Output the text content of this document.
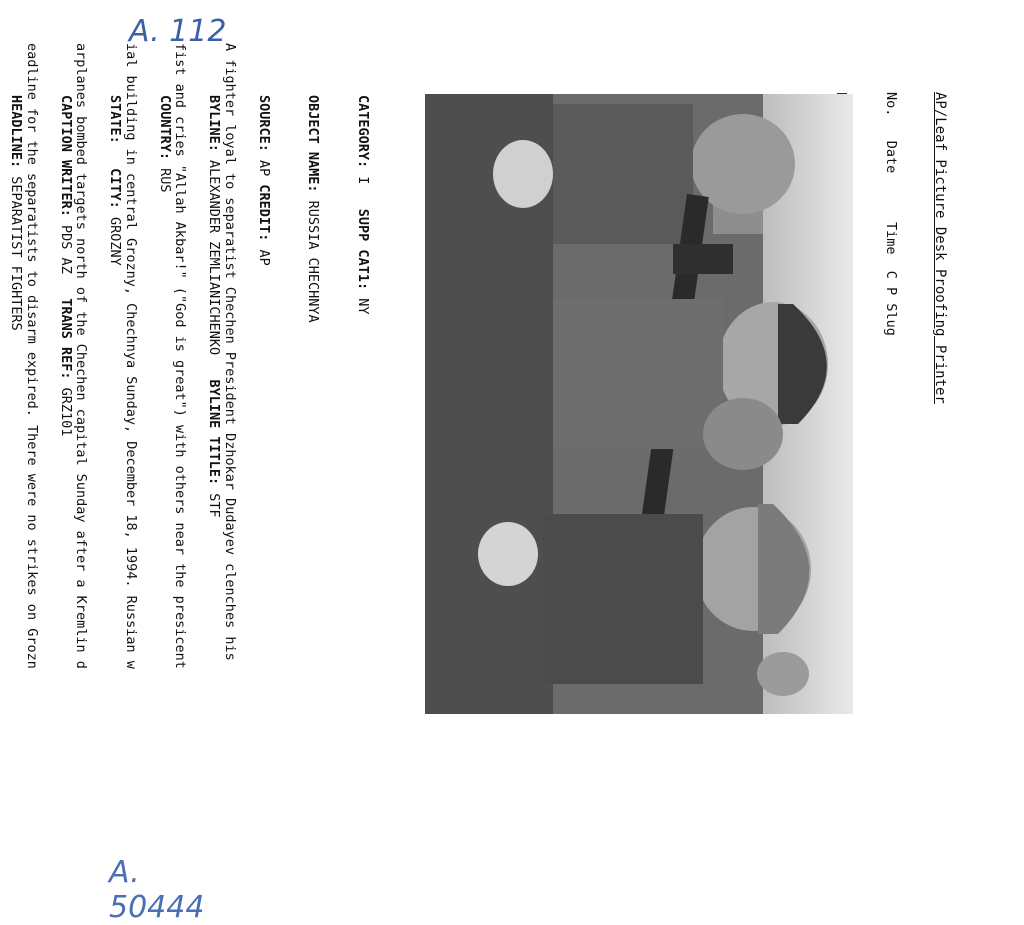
AP/Leaf Picture Desk Proofing Printer

No.   Date      Time  C P Slug

CATEGORY: I   SUPP CAT1: NY

OBJECT NAME: RUSSIA CHECHNYA

SOURCE: AP CREDIT: AP

BYLINE: ALEXANDER ZEMLIANICHENKO   BYLINE TITLE: STF

COUNTRY: RUS

STATE:   CITY: GROZNY

CAPTION WRITER: PDS AZ   TRANS REF: GRZ101

HEADLINE: SEPARATIST FIGHTERS

	A fighter loyal to separatist Chechen President Dzhokar Dudayev clenches his

fist and cries "Allah Akbar!" ("God is great") with others near the presicent

ial building in central Grozny, Chechnya Sunday, December 18, 1994. Russian w

arplanes bombed targets north of the Chechen capital Sunday after a Kremlin d

eadline for the separatists to disarm expired. There were no strikes on Grozn

A. 50444
A. 112
